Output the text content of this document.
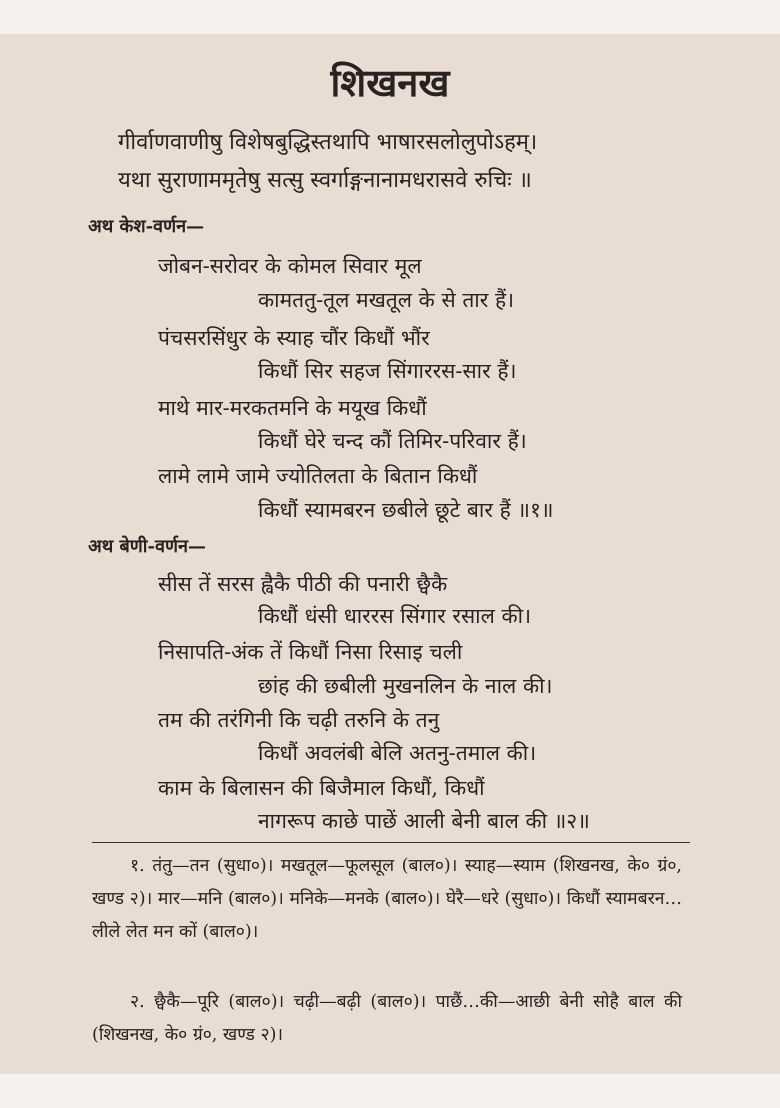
शिखनख
गीर्वाणवाणीषु विशेषबुद्धिस्तथापि भाषारसलोलुपोऽहम्।
यथा सुराणाममृतेषु सत्सु स्वर्गाङ्गनानामधरासवे रुचिः ॥
अथ केश-वर्णन—
जोबन-सरोवर के कोमल सिवार मूल
कामततु-तूल मखतूल के से तार हैं।
पंचसरसिंधुर के स्याह चौंर किधौं भौंर
किधौं सिर सहज सिंगाररस-सार हैं।
माथे मार-मरकतमनि के मयूख किधौं
किधौं घेरे चन्द कौं तिमिर-परिवार हैं।
लामे लामे जामे ज्योतिलता के बितान किधौं
किधौं स्यामबरन छबीले छूटे बार हैं ॥१॥
अथ बेणी-वर्णन—
सीस तें सरस ह्वैकै पीठी की पनारी छ्वैकै
किधौं धंसी धाररस सिंगार रसाल की।
निसापति-अंक तें किधौं निसा रिसाइ चली
छांह की छबीली मुखनलिन के नाल की।
तम की तरंगिनी कि चढ़ी तरुनि के तनु
किधौं अवलंबी बेलि अतनु-तमाल की।
काम के बिलासन की बिजैमाल किधौं, किधौं
नागरूप काछे पाछें आली बेनी बाल की ॥२॥
१. तंतु—तन (सुधा०)। मखतूल—फूलसूल (बाल०)। स्याह—स्याम (शिखनख, के० ग्रं०, खण्ड २)। मार—मनि (बाल०)। मनिके—मनके (बाल०)। घेरै—धरे (सुधा०)। किधौं स्यामबरन…लीले लेत मन कों (बाल०)।
२. छ्वैकै—पूरि (बाल०)। चढ़ी—बढ़ी (बाल०)। पाछैं…की—आछी बेनी सोहै बाल की (शिखनख, के० ग्रं०, खण्ड २)।
